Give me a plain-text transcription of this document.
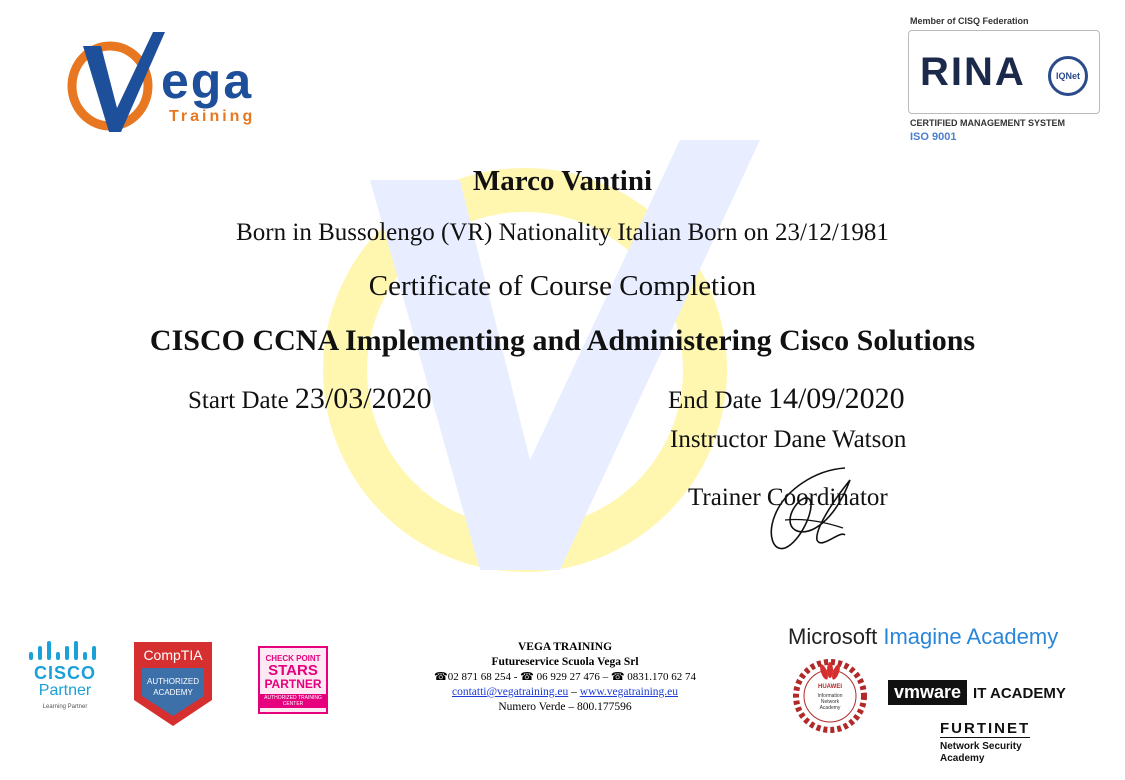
ega
Training
Member of CISQ Federation
RINA	IQNet
CERTIFIED MANAGEMENT SYSTEM
ISO 9001
Marco Vantini
Born in Bussolengo (VR) Nationality Italian Born on 23/12/1981
Certificate of Course Completion
CISCO CCNA Implementing and Administering Cisco Solutions
Start Date 23/03/2020	End Date 14/09/2020
Instructor Dane Watson
Trainer Coordinator
CISCO
Partner
Learning Partner
CompTIA
AUTHORIZED
ACADEMY
CHECK POINT
STARS
PARTNER
AUTHORIZED TRAINING CENTER
VEGA TRAINING
Futureservice Scuola Vega Srl
☎02 871 68 254 - ☎ 06 929 27 476 – ☎ 0831.170 62 74
contatti@vegatraining.eu – www.vegatraining.eu
Numero Verde – 800.177596
Microsoft Imagine Academy
HUAWEI
Information
Network
Academy
vmware IT ACADEMY
FURTINET
Network Security
Academy
